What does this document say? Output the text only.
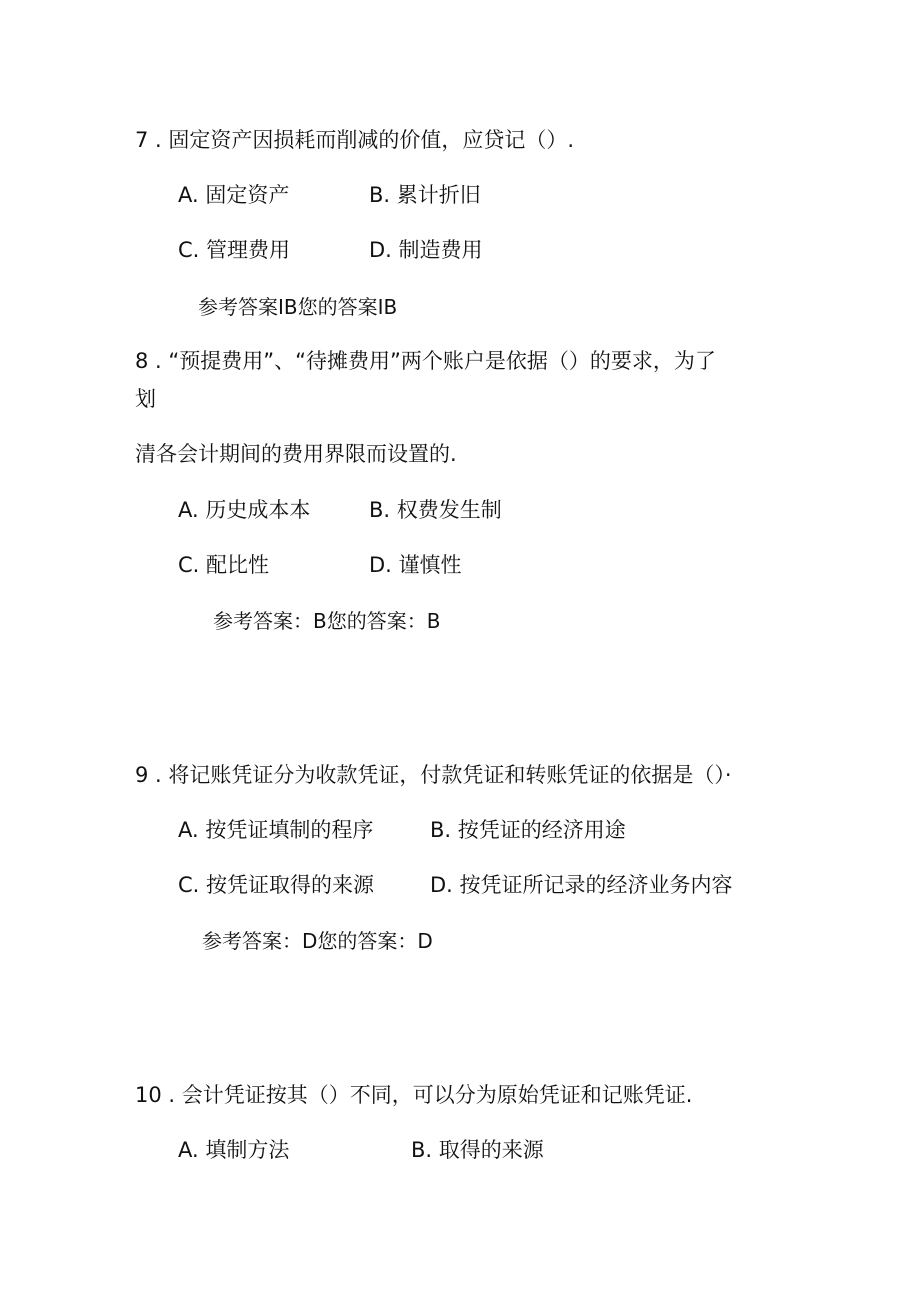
7 . 固定资产因损耗而削减的价值，应贷记（）.
A. 固定资产	B. 累计折旧
C. 管理费用	D. 制造费用
参考答案IB您的答案IB
8 . “预提费用”、“待摊费用”两个账户是依据（）的要求，为了
划
清各会计期间的费用界限而设置的.
A. 历史成本本	B. 权费发生制
C. 配比性	D. 谨慎性
参考答案：B您的答案：B
9 . 将记账凭证分为收款凭证，付款凭证和转账凭证的依据是（）·
A. 按凭证填制的程序	B. 按凭证的经济用途
C. 按凭证取得的来源	D. 按凭证所记录的经济业务内容
参考答案：D您的答案：D
10 . 会计凭证按其（）不同，可以分为原始凭证和记账凭证.
A. 填制方法	B. 取得的来源
